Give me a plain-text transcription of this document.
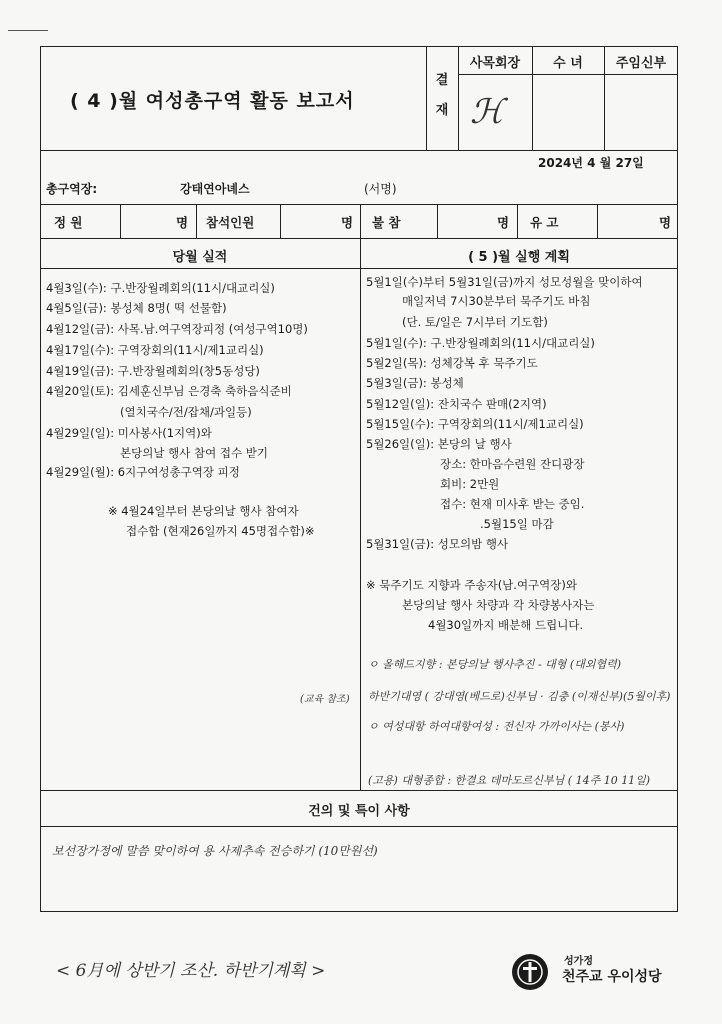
( 4 )월 여성총구역 활동 보고서
결 재
사목회장	수 녀	주임신부
ℋ
2024년 4 월 27일
총구역장:	강태연아녜스	(서명)
정 원	명 참석인원	명 불 참	명 유 고	명
당월 실적	( 5 )월 실행 계획
4월3일(수): 구.반장월례회의(11시/대교리실)
4월5일(금): 봉성체 8명( 떡 선물함)
4월12일(금): 사목.남.여구역장피정 (여성구역10명)
4월17일(수): 구역장회의(11시/제1교리실)
4월19일(금): 구.반장월례회의(창5동성당)
4월20일(토): 김세훈신부님 은경축 축하음식준비
(열치국수/전/잡채/과일등)
4월29일(일): 미사봉사(1지역)와
본당의날 행사 참여 접수 받기
4월29일(월): 6지구여성총구역장 피정
※ 4월24일부터 본당의날 행사 참여자
접수함 (현재26일까지 45명접수함)※
5월1일(수)부터 5월31일(금)까지 성모성월을 맞이하여
매일저녁 7시30분부터 묵주기도 바침
(단. 토/일은 7시부터 기도함)
5월1일(수): 구.반장월례회의(11시/대교리실)
5월2일(목): 성체강복 후 묵주기도
5월3일(금): 봉성체
5월12일(일): 잔치국수 판매(2지역)
5월15일(수): 구역장회의(11시/제1교리실)
5월26일(일): 본당의 날 행사
장소: 한마음수련원 잔디광장
회비: 2만원
접수: 현재 미사후 받는 중임.
.5월15일 마감
5월31일(금): 성모의밤 행사
※ 묵주기도 지향과 주송자(남.여구역장)와
본당의날 행사 차량과 각 차량봉사자는
4월30일까지 배분해 드립니다.
ㅇ 올해드지향 : 본당의날 행사추진 - 대형 (대외협력)
하반기대영 ( 강대영(베드로)신부님 · 김충 (이재신부)(5월이후)
ㅇ 여성대항 하여대항여성 : 전신자 가까이사는 (봉사)
(고용) 대형종합 : 한결요 데마도르신부님 ( 14주 10 11일)
(교육 참조)
건의 및 특이 사항
보선장가정에 말씀 맞이하여 용 사제추속 전승하기 (10만원선)
< 6月에 상반기 조산. 하반기계획 >	성가정
천주교 우이성당
